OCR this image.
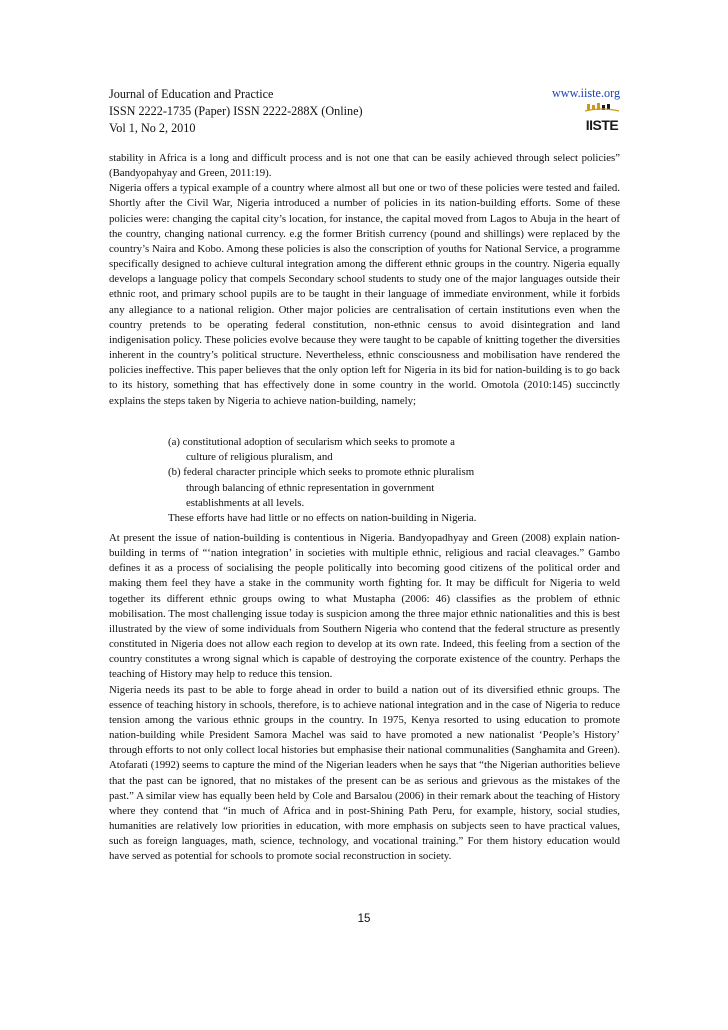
Journal of Education and Practice
ISSN 2222-1735 (Paper) ISSN 2222-288X (Online)
Vol 1, No 2, 2010
www.iiste.org
IISTE

stability in Africa is a long and difficult process and is not one that can be easily achieved through select policies” (Bandyopahyay and Green, 2011:19).

Nigeria offers a typical example of a country where almost all but one or two of these policies were tested and failed. Shortly after the Civil War, Nigeria introduced a number of policies in its nation-building efforts. Some of these policies were: changing the capital city’s location, for instance, the capital moved from Lagos to Abuja in the heart of the country, changing national currency. e.g the former British currency (pound and shillings) were replaced by the country’s Naira and Kobo. Among these policies is also the conscription of youths for National Service, a programme specifically designed to achieve cultural integration among the different ethnic groups in the country. Nigeria equally develops a language policy that compels Secondary school students to study one of the major languages outside their ethnic root, and primary school pupils are to be taught in their language of immediate environment, while it forbids any allegiance to a national religion. Other major policies are centralisation of certain institutions even when the country pretends to be operating federal constitution, non-ethnic census to avoid disintegration and land indigenisation policy. These policies evolve because they were taught to be capable of knitting together the diversities inherent in the country’s political structure. Nevertheless, ethnic consciousness and mobilisation have rendered the policies ineffective. This paper believes that the only option left for Nigeria in its bid for nation-building is to go back to its history, something that has effectively done in some country in the world. Omotola (2010:145) succinctly explains the steps taken by Nigeria to achieve nation-building, namely;

(a) constitutional adoption of secularism which seeks to promote a
culture of religious pluralism, and
(b) federal character principle which seeks to promote ethnic pluralism
through balancing of ethnic representation in government
establishments at all levels.
These efforts have had little or no effects on nation-building in Nigeria.

At present the issue of nation-building is contentious in Nigeria. Bandyopadhyay and Green (2008) explain nation-building in terms of “‘nation integration’ in societies with multiple ethnic, religious and racial cleavages.” Gambo defines it as a process of socialising the people politically into becoming good citizens of the political order and making them feel they have a stake in the community worth fighting for. It may be difficult for Nigeria to weld together its different ethnic groups owing to what Mustapha (2006: 46) classifies as the problem of ethnic mobilisation. The most challenging issue today is suspicion among the three major ethnic nationalities and this is best illustrated by the view of some individuals from Southern Nigeria who contend that the federal structure as presently constituted in Nigeria does not allow each region to develop at its own rate. Indeed, this feeling from a section of the country constitutes a wrong signal which is capable of destroying the corporate existence of the country. Perhaps the teaching of History may help to reduce this tension.

Nigeria needs its past to be able to forge ahead in order to build a nation out of its diversified ethnic groups. The essence of teaching history in schools, therefore, is to achieve national integration and in the case of Nigeria to reduce tension among the various ethnic groups in the country. In 1975, Kenya resorted to using education to promote nation-building while President Samora Machel was said to have promoted a new nationalist ‘People’s History’ through efforts to not only collect local histories but emphasise their national communalities (Sanghamita and Green). Atofarati (1992) seems to capture the mind of the Nigerian leaders when he says that “the Nigerian authorities believe that the past can be ignored, that no mistakes of the present can be as serious and grievous as the mistakes of the past.” A similar view has equally been held by Cole and Barsalou (2006) in their remark about the teaching of History where they contend that “in much of Africa and in post-Shining Path Peru, for example, history, social studies, humanities are relatively low priorities in education, with more emphasis on subjects seen to have practical values, such as foreign languages, math, science, technology, and vocational training.” For them history education would have served as potential for schools to promote social reconstruction in society.

15
